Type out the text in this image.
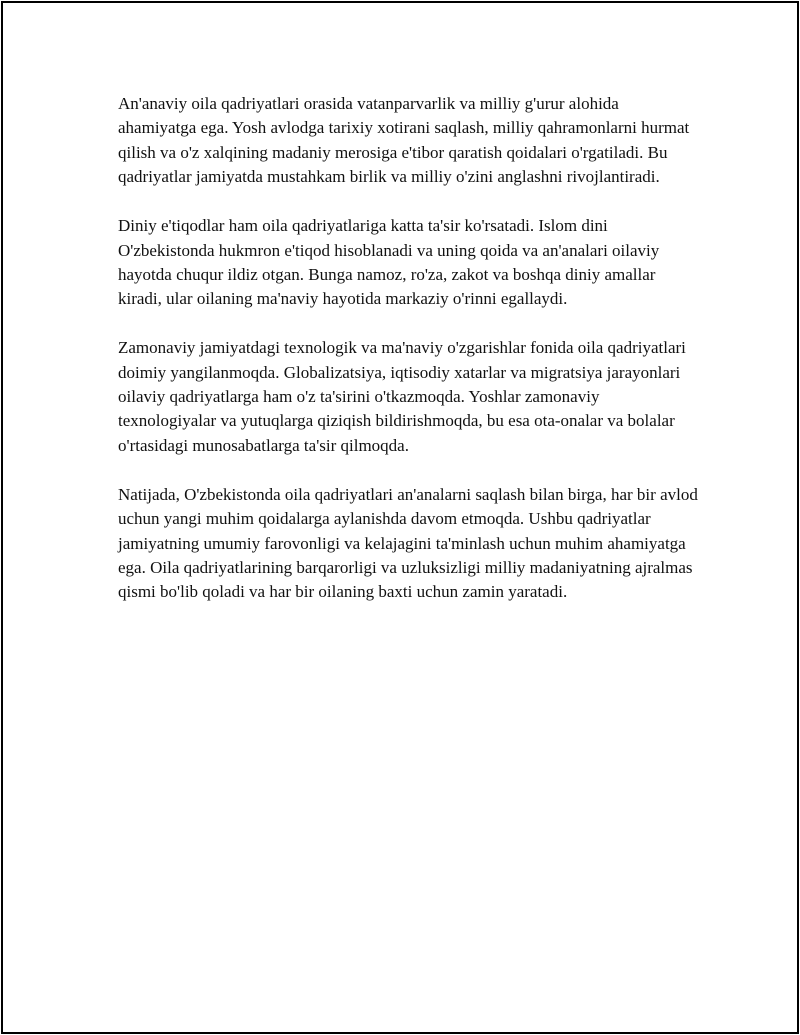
An'anaviy oila qadriyatlari orasida vatanparvarlik va milliy g'urur alohida ahamiyatga ega. Yosh avlodga tarixiy xotirani saqlash, milliy qahramonlarni hurmat qilish va o'z xalqining madaniy merosiga e'tibor qaratish qoidalari o'rgatiladi. Bu qadriyatlar jamiyatda mustahkam birlik va milliy o'zini anglashni rivojlantiradi.

Diniy e'tiqodlar ham oila qadriyatlariga katta ta'sir ko'rsatadi. Islom dini O'zbekistonda hukmron e'tiqod hisoblanadi va uning qoida va an'analari oilaviy hayotda chuqur ildiz otgan. Bunga namoz, ro'za, zakot va boshqa diniy amallar kiradi, ular oilaning ma'naviy hayotida markaziy o'rinni egallaydi.

Zamonaviy jamiyatdagi texnologik va ma'naviy o'zgarishlar fonida oila qadriyatlari doimiy yangilanmoqda. Globalizatsiya, iqtisodiy xatarlar va migratsiya jarayonlari oilaviy qadriyatlarga ham o'z ta'sirini o'tkazmoqda. Yoshlar zamonaviy texnologiyalar va yutuqlarga qiziqish bildirishmoqda, bu esa ota-onalar va bolalar o'rtasidagi munosabatlarga ta'sir qilmoqda.

Natijada, O'zbekistonda oila qadriyatlari an'analarni saqlash bilan birga, har bir avlod uchun yangi muhim qoidalarga aylanishda davom etmoqda. Ushbu qadriyatlar jamiyatning umumiy farovonligi va kelajagini ta'minlash uchun muhim ahamiyatga ega. Oila qadriyatlarining barqarorligi va uzluksizligi milliy madaniyatning ajralmas qismi bo'lib qoladi va har bir oilaning baxti uchun zamin yaratadi.
